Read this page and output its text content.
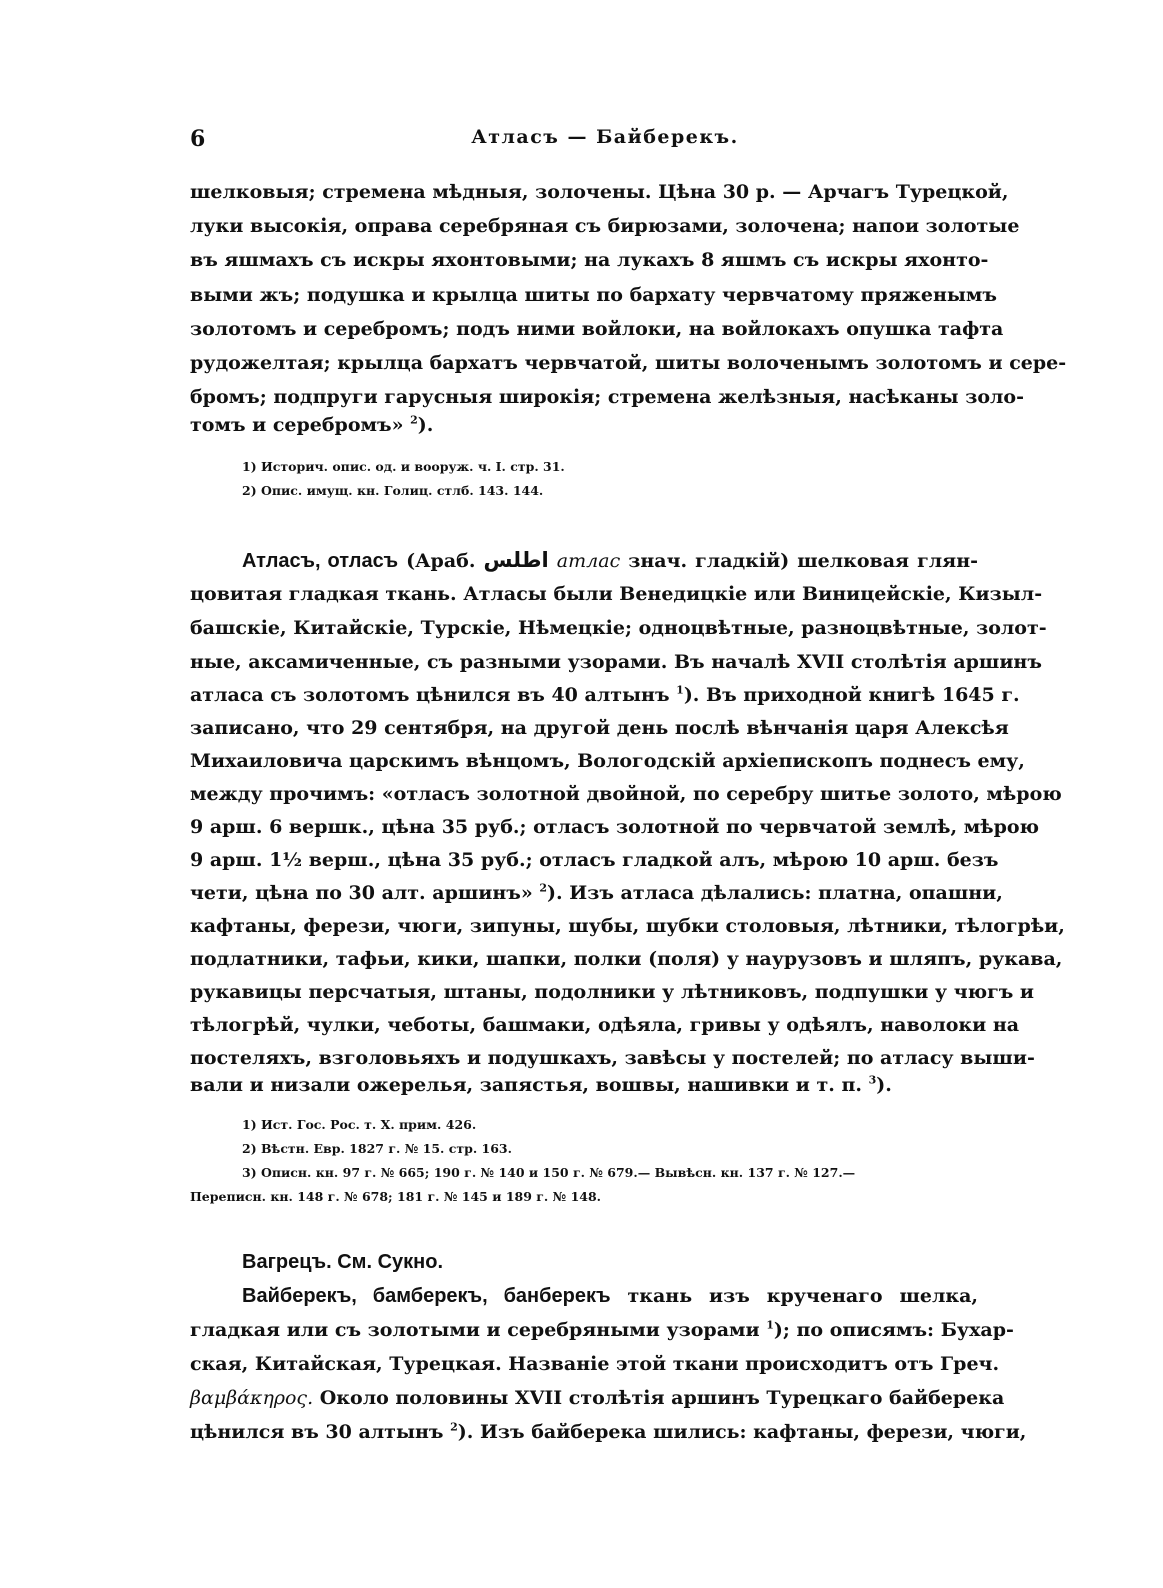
6	Атласъ — Байберекъ.
шелковыя; стремена мѣдныя, золочены. Цѣна 30 р. — Арчагъ Турецкой,
луки высокія, оправа серебряная съ бирюзами, золочена; напои золотые
въ яшмахъ съ искры яхонтовыми; на лукахъ 8 яшмъ съ искры яхонто-
выми жъ; подушка и крылца шиты по бархату червчатому пряженымъ
золотомъ и серебромъ; подъ ними войлоки, на войлокахъ опушка тафта
рудожелтая; крылца бархатъ червчатой, шиты волоченымъ золотомъ и сере-
бромъ; подпруги гарусныя широкія; стремена желѣзныя, насѣканы золо-
томъ и серебромъ» $^2$).
1) Историч. опис. од. и вооруж. ч. I. стр. 31.
2) Опис. имущ. кн. Голиц. стлб. 143. 144.
Атласъ, отласъ (Араб. اطلس атлас знач. гладкій) шелковая глян-
цовитая гладкая ткань. Атласы были Венедицкіе или Виницейскіе, Кизыл-
башскіе, Китайскіе, Турскіе, Нѣмецкіе; одноцвѣтные, разноцвѣтные, золот-
ные, аксамиченные, съ разными узорами. Въ началѣ XVII столѣтія аршинъ
атласа съ золотомъ цѣнился въ 40 алтынъ $^1$). Въ приходной книгѣ 1645 г.
записано, что 29 сентября, на другой день послѣ вѣнчанія царя Алексѣя
Михаиловича царскимъ вѣнцомъ, Вологодскій архіепископъ поднесъ ему,
между прочимъ: «отласъ золотной двойной, по серебру шитье золото, мѣрою
9 арш. 6 вершк., цѣна 35 руб.; отласъ золотной по червчатой землѣ, мѣрою
9 арш. 1½ верш., цѣна 35 руб.; отласъ гладкой алъ, мѣрою 10 арш. безъ
чети, цѣна по 30 алт. аршинъ» $^2$). Изъ атласа дѣлались: платна, опашни,
кафтаны, ферези, чюги, зипуны, шубы, шубки столовыя, лѣтники, тѣлогрѣи,
подлатники, тафьи, кики, шапки, полки (поля) у наурузовъ и шляпъ, рукава,
рукавицы персчатыя, штаны, подолники у лѣтниковъ, подпушки у чюгъ и
тѣлогрѣй, чулки, чеботы, башмаки, одѣяла, гривы у одѣялъ, наволоки на
постеляхъ, взголовьяхъ и подушкахъ, завѣсы у постелей; по атласу выши-
вали и низали ожерелья, запястья, вошвы, нашивки и т. п. $^3$).
1) Ист. Гос. Рос. т. X. прим. 426.
2) Вѣстн. Евр. 1827 г. № 15. стр. 163.
3) Описн. кн. 97 г. № 665; 190 г. № 140 и 150 г. № 679.— Вывѣсн. кн. 137 г. № 127.—
Переписн. кн. 148 г. № 678; 181 г. № 145 и 189 г. № 148.
Вагрецъ. См. Сукно.
Вайберекъ, бамберекъ, банберекъ ткань изъ крученаго шелка,
гладкая или съ золотыми и серебряными узорами $^1$); по описямъ: Бухар-
ская, Китайская, Турецкая. Названіе этой ткани происходитъ отъ Греч.
βαμβάκηρος. Около половины XVII столѣтія аршинъ Турецкаго байберека
цѣнился въ 30 алтынъ $^2$). Изъ байберека шились: кафтаны, ферези, чюги,
